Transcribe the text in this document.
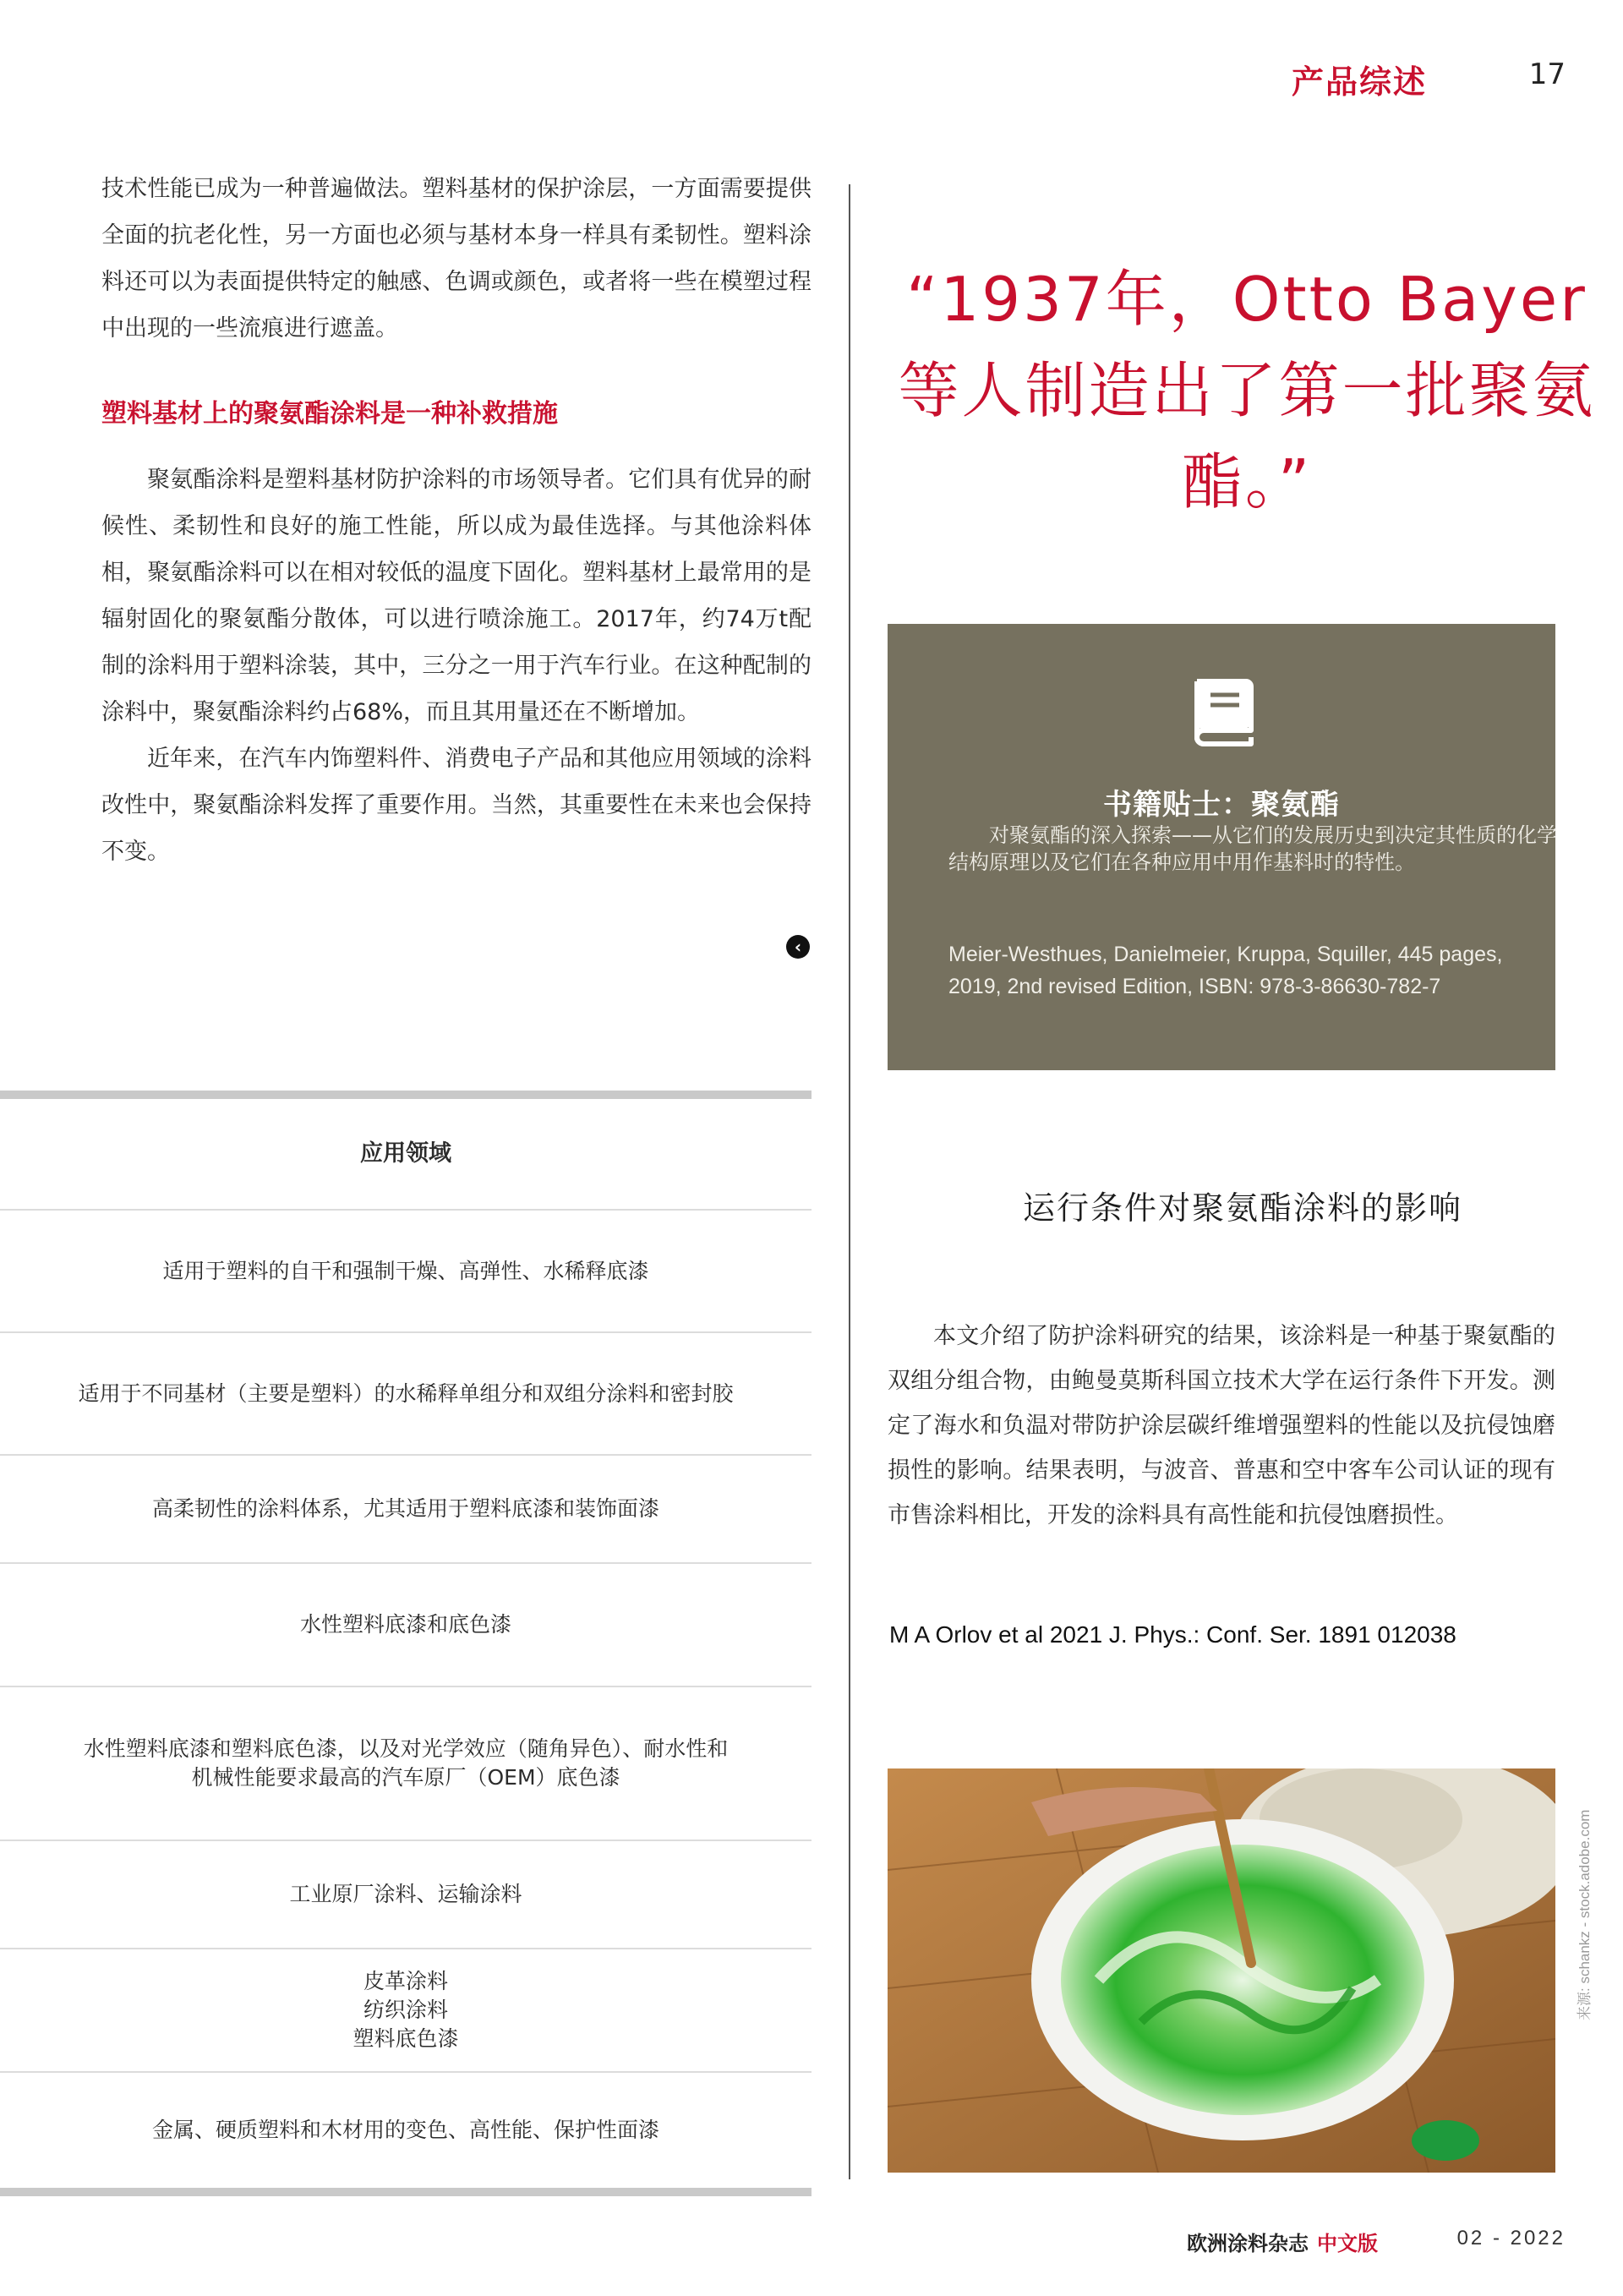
产品综述	17

技术性能已成为一种普遍做法。塑料基材的保护涂层，一方面需要提供全面的抗老化性，另一方面也必须与基材本身一样具有柔韧性。塑料涂料还可以为表面提供特定的触感、色调或颜色，或者将一些在模塑过程中出现的一些流痕进行遮盖。

塑料基材上的聚氨酯涂料是一种补救措施

聚氨酯涂料是塑料基材防护涂料的市场领导者。它们具有优异的耐候性、柔韧性和良好的施工性能，所以成为最佳选择。与其他涂料体相，聚氨酯涂料可以在相对较低的温度下固化。塑料基材上最常用的是辐射固化的聚氨酯分散体，可以进行喷涂施工。2017年，约74万t配制的涂料用于塑料涂装，其中，三分之一用于汽车行业。在这种配制的涂料中，聚氨酯涂料约占68%，而且其用量还在不断增加。

近年来，在汽车内饰塑料件、消费电子产品和其他应用领域的涂料改性中，聚氨酯涂料发挥了重要作用。当然，其重要性在未来也会保持不变。

‹
“1937年，Otto Bayer等人制造出了第一批聚氨酯。”
书籍贴士：聚氨酯
对聚氨酯的深入探索——从它们的发展历史到决定其性质的化学结构原理以及它们在各种应用中用作基料时的特性。
Meier-Westhues, Danielmeier, Kruppa, Squiller, 445 pages, 2019, 2nd revised Edition, ISBN: 978-3-86630-782-7
应用领域
适用于塑料的自干和强制干燥、高弹性、水稀释底漆
适用于不同基材（主要是塑料）的水稀释单组分和双组分涂料和密封胶
高柔韧性的涂料体系，尤其适用于塑料底漆和装饰面漆
水性塑料底漆和底色漆
水性塑料底漆和塑料底色漆，以及对光学效应（随角异色）、耐水性和
机械性能要求最高的汽车原厂（OEM）底色漆
工业原厂涂料、运输涂料
皮革涂料
纺织涂料
塑料底色漆
金属、硬质塑料和木材用的变色、高性能、保护性面漆
运行条件对聚氨酯涂料的影响

本文介绍了防护涂料研究的结果，该涂料是一种基于聚氨酯的双组分组合物，由鲍曼莫斯科国立技术大学在运行条件下开发。测定了海水和负温对带防护涂层碳纤维增强塑料的性能以及抗侵蚀磨损性的影响。结果表明，与波音、普惠和空中客车公司认证的现有市售涂料相比，开发的涂料具有高性能和抗侵蚀磨损性。

M A Orlov et al 2021 J. Phys.: Conf. Ser. 1891 012038
来源: schankz - stock.adobe.com
欧洲涂料杂志 中文版	02 - 2022
